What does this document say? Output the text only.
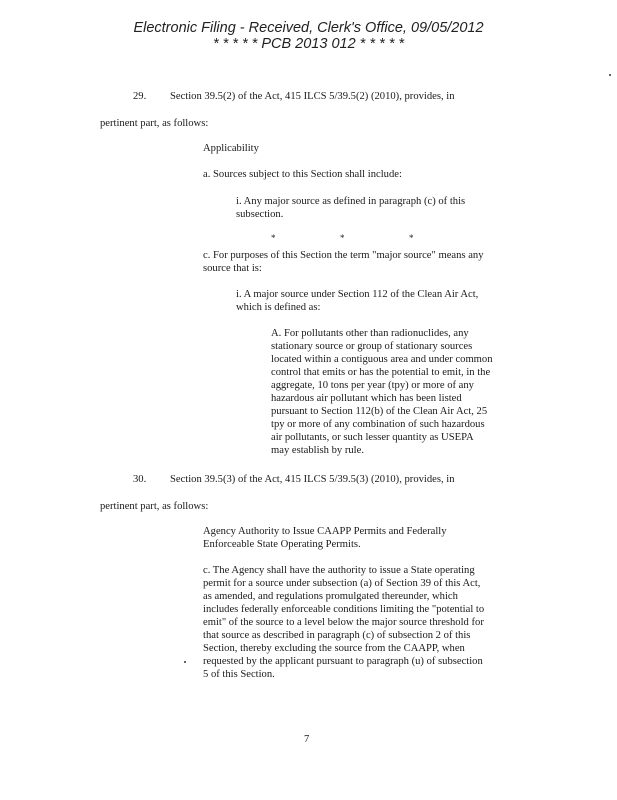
Electronic Filing - Received, Clerk's Office, 09/05/2012
* * * * * PCB 2013 012 * * * * *
29. Section 39.5(2) of the Act, 415 ILCS 5/39.5(2) (2010), provides, in
pertinent part, as follows:
Applicability
a. Sources subject to this Section shall include:
i. Any major source as defined in paragraph (c) of this
subsection.
*	*	*
c. For purposes of this Section the term "major source" means any
source that is:
i. A major source under Section 112 of the Clean Air Act,
which is defined as:
A. For pollutants other than radionuclides, any
stationary source or group of stationary sources
located within a contiguous area and under common
control that emits or has the potential to emit, in the
aggregate, 10 tons per year (tpy) or more of any
hazardous air pollutant which has been listed
pursuant to Section 112(b) of the Clean Air Act, 25
tpy or more of any combination of such hazardous
air pollutants, or such lesser quantity as USEPA
may establish by rule.
30. Section 39.5(3) of the Act, 415 ILCS 5/39.5(3) (2010), provides, in
pertinent part, as follows:
Agency Authority to Issue CAAPP Permits and Federally
Enforceable State Operating Permits.
c. The Agency shall have the authority to issue a State operating
permit for a source under subsection (a) of Section 39 of this Act,
as amended, and regulations promulgated thereunder, which
includes federally enforceable conditions limiting the "potential to
emit" of the source to a level below the major source threshold for
that source as described in paragraph (c) of subsection 2 of this
Section, thereby excluding the source from the CAAPP, when
requested by the applicant pursuant to paragraph (u) of subsection
5 of this Section.
7
